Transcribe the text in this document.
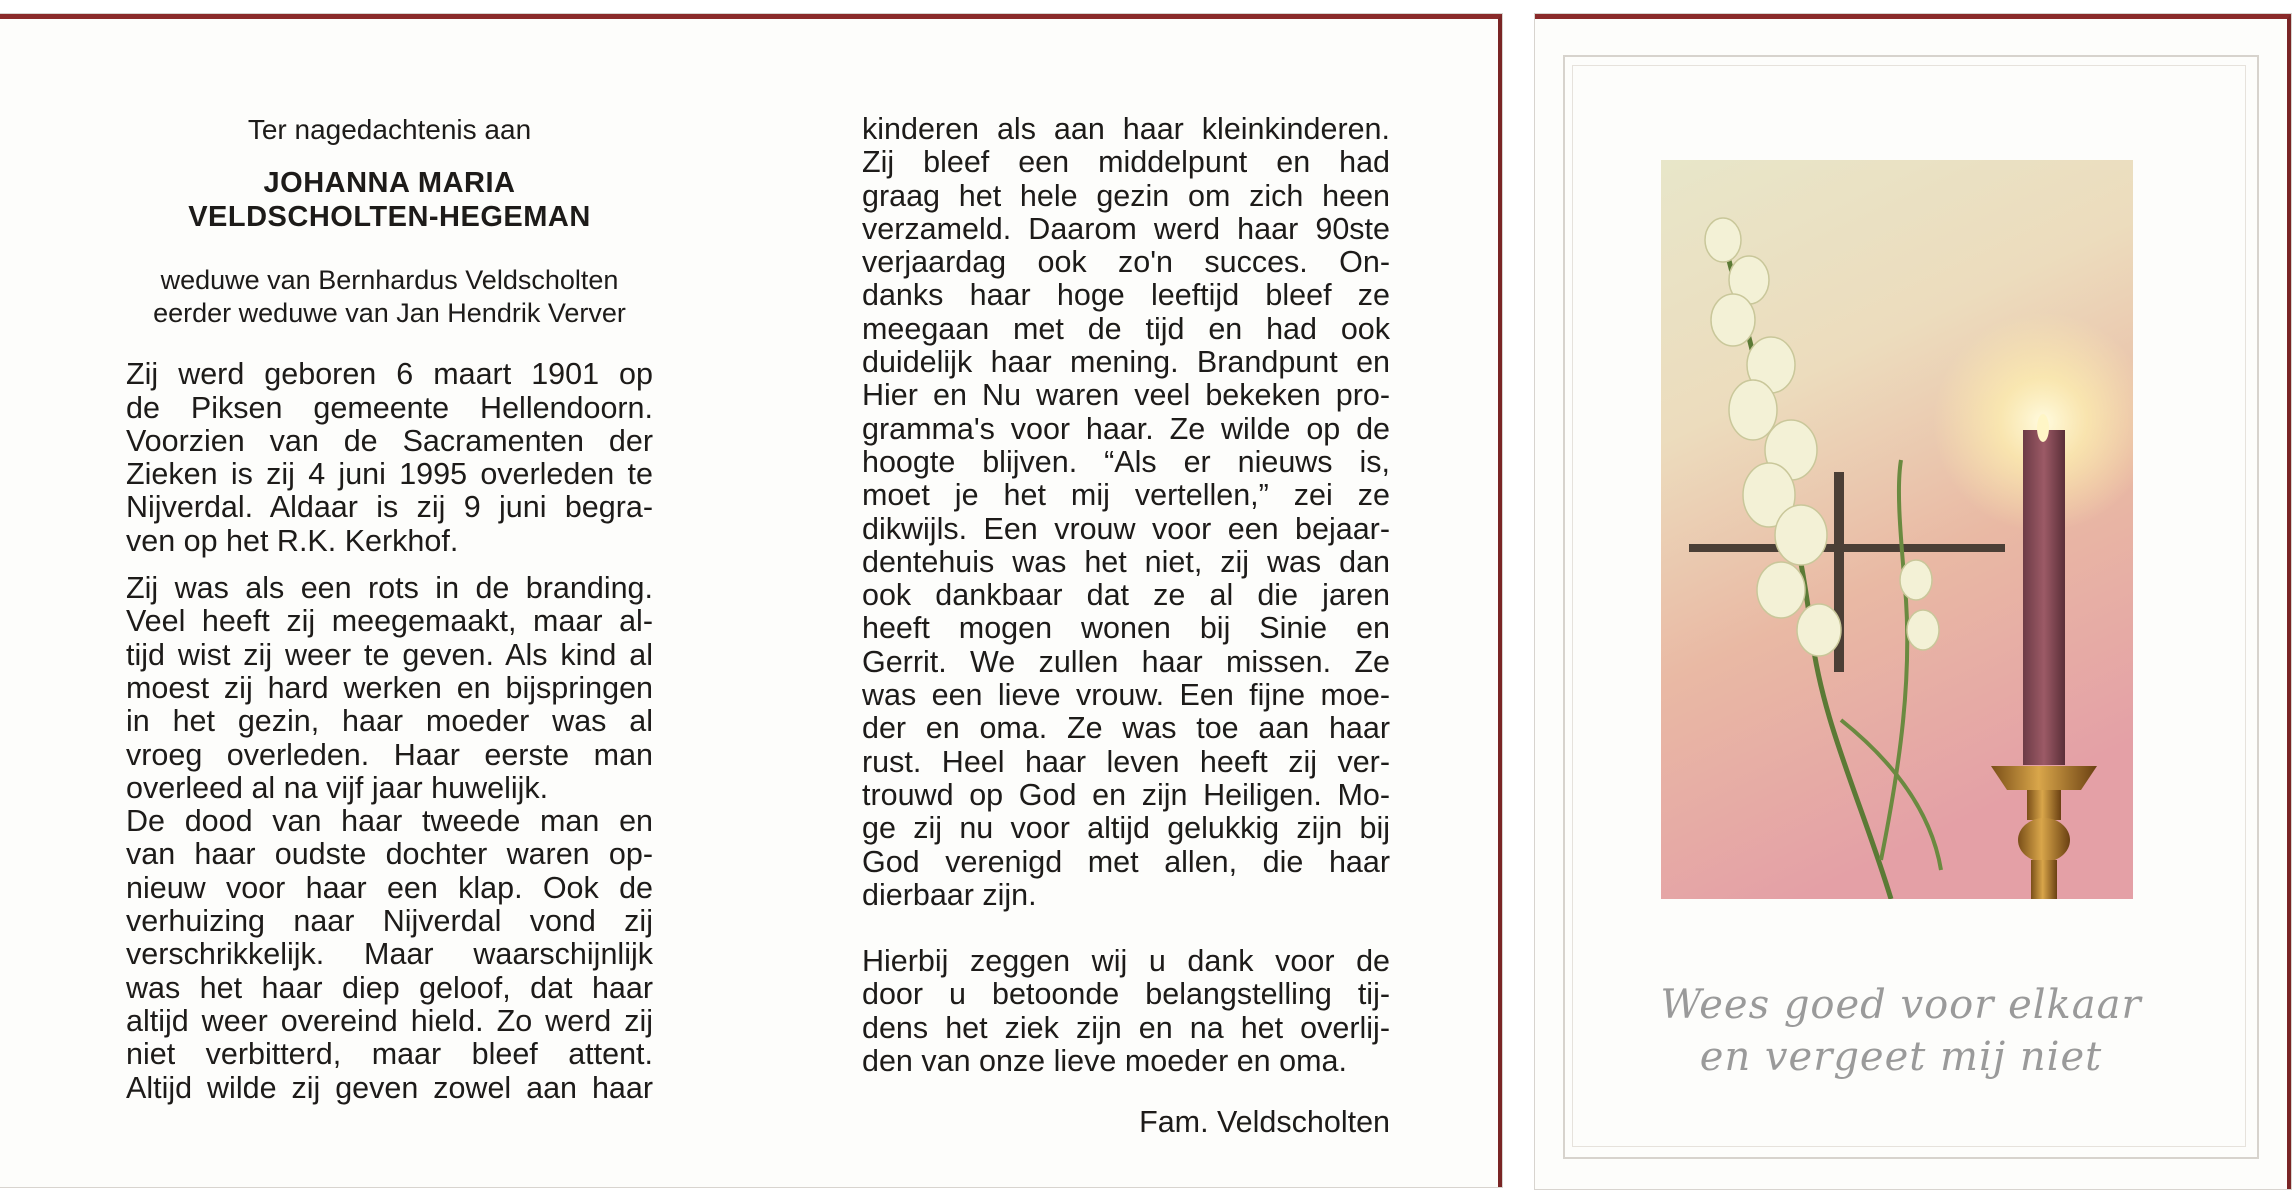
Ter nagedachtenis aan
JOHANNA MARIA
VELDSCHOLTEN-HEGEMAN
weduwe van Bernhardus Veldscholten
eerder weduwe van Jan Hendrik Verver

Zij werd geboren 6 maart 1901 op
de Piksen gemeente Hellendoorn.
Voorzien van de Sacramenten der
Zieken is zij 4 juni 1995 overleden te
Nijverdal. Aldaar is zij 9 juni begra-
ven op het R.K. Kerkhof.

Zij was als een rots in de branding.
Veel heeft zij meegemaakt, maar al-
tijd wist zij weer te geven. Als kind al
moest zij hard werken en bijspringen
in het gezin, haar moeder was al
vroeg overleden. Haar eerste man
overleed al na vijf jaar huwelijk.

De dood van haar tweede man en
van haar oudste dochter waren op-
nieuw voor haar een klap. Ook de
verhuizing naar Nijverdal vond zij
verschrikkelijk. Maar waarschijnlijk
was het haar diep geloof, dat haar
altijd weer overeind hield. Zo werd zij
niet verbitterd, maar bleef attent.
Altijd wilde zij geven zowel aan haar

kinderen als aan haar kleinkinderen.
Zij bleef een middelpunt en had
graag het hele gezin om zich heen
verzameld. Daarom werd haar 90ste
verjaardag ook zo'n succes. On-
danks haar hoge leeftijd bleef ze
meegaan met de tijd en had ook
duidelijk haar mening. Brandpunt en
Hier en Nu waren veel bekeken pro-
gramma's voor haar. Ze wilde op de
hoogte blijven. “Als er nieuws is,
moet je het mij vertellen,” zei ze
dikwijls. Een vrouw voor een bejaar-
dentehuis was het niet, zij was dan
ook dankbaar dat ze al die jaren
heeft mogen wonen bij Sinie en
Gerrit. We zullen haar missen. Ze
was een lieve vrouw. Een fijne moe-
der en oma. Ze was toe aan haar
rust. Heel haar leven heeft zij ver-
trouwd op God en zijn Heiligen. Mo-
ge zij nu voor altijd gelukkig zijn bij
God verenigd met allen, die haar
dierbaar zijn.

Hierbij zeggen wij u dank voor de
door u betoonde belangstelling tij-
dens het ziek zijn en na het overlij-
den van onze lieve moeder en oma.

Fam. Veldscholten
Wees goed voor elkaar
en vergeet mij niet
